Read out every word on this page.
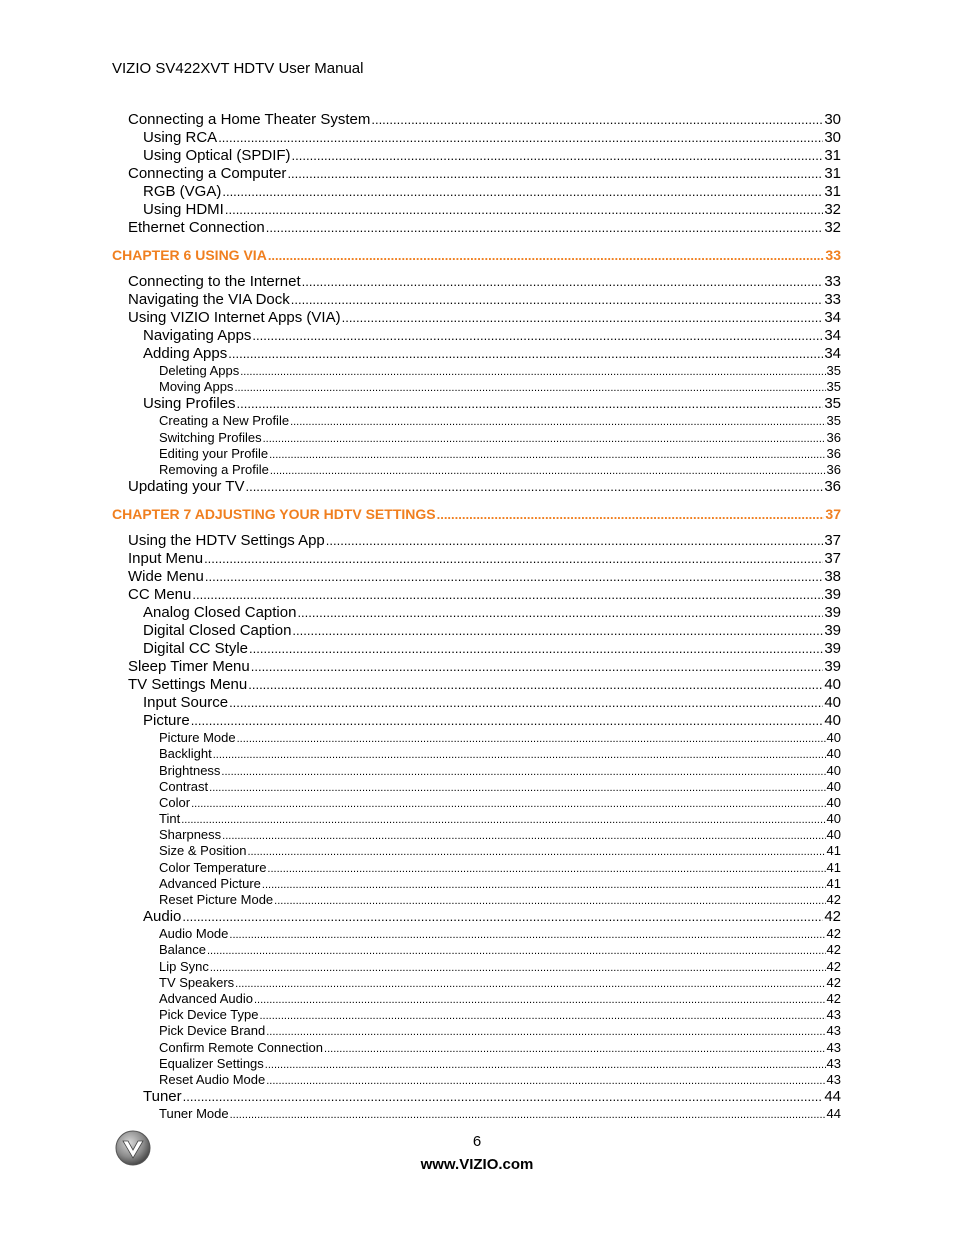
VIZIO SV422XVT HDTV User Manual
Connecting a Home Theater System .....	30
Using RCA .....	30
Using Optical (SPDIF) .....	31
Connecting a Computer .....	31
RGB (VGA) .....	31
Using HDMI .....	32
Ethernet Connection .....	32
CHAPTER 6 USING VIA .....	33
Connecting to the Internet .....	33
Navigating the VIA Dock .....	33
Using VIZIO Internet Apps (VIA) .....	34
Navigating Apps .....	34
Adding Apps .....	34
Deleting Apps .....	35
Moving Apps .....	35
Using Profiles .....	35
Creating a New Profile .....	35
Switching Profiles .....	36
Editing your Profile .....	36
Removing a Profile .....	36
Updating your TV .....	36
CHAPTER 7 ADJUSTING YOUR HDTV SETTINGS .....	37
Using the HDTV Settings App .....	37
Input Menu .....	37
Wide Menu .....	38
CC Menu .....	39
Analog Closed Caption .....	39
Digital Closed Caption .....	39
Digital CC Style .....	39
Sleep Timer Menu .....	39
TV Settings Menu .....	40
Input Source .....	40
Picture .....	40
Picture Mode .....	40
Backlight .....	40
Brightness .....	40
Contrast .....	40
Color .....	40
Tint .....	40
Sharpness .....	40
Size & Position .....	41
Color Temperature .....	41
Advanced Picture .....	41
Reset Picture Mode .....	42
Audio .....	42
Audio Mode .....	42
Balance .....	42
Lip Sync .....	42
TV Speakers .....	42
Advanced Audio .....	42
Pick Device Type .....	43
Pick Device Brand .....	43
Confirm Remote Connection .....	43
Equalizer Settings .....	43
Reset Audio Mode .....	43
Tuner .....	44
Tuner Mode .....	44
6
www.VIZIO.com
